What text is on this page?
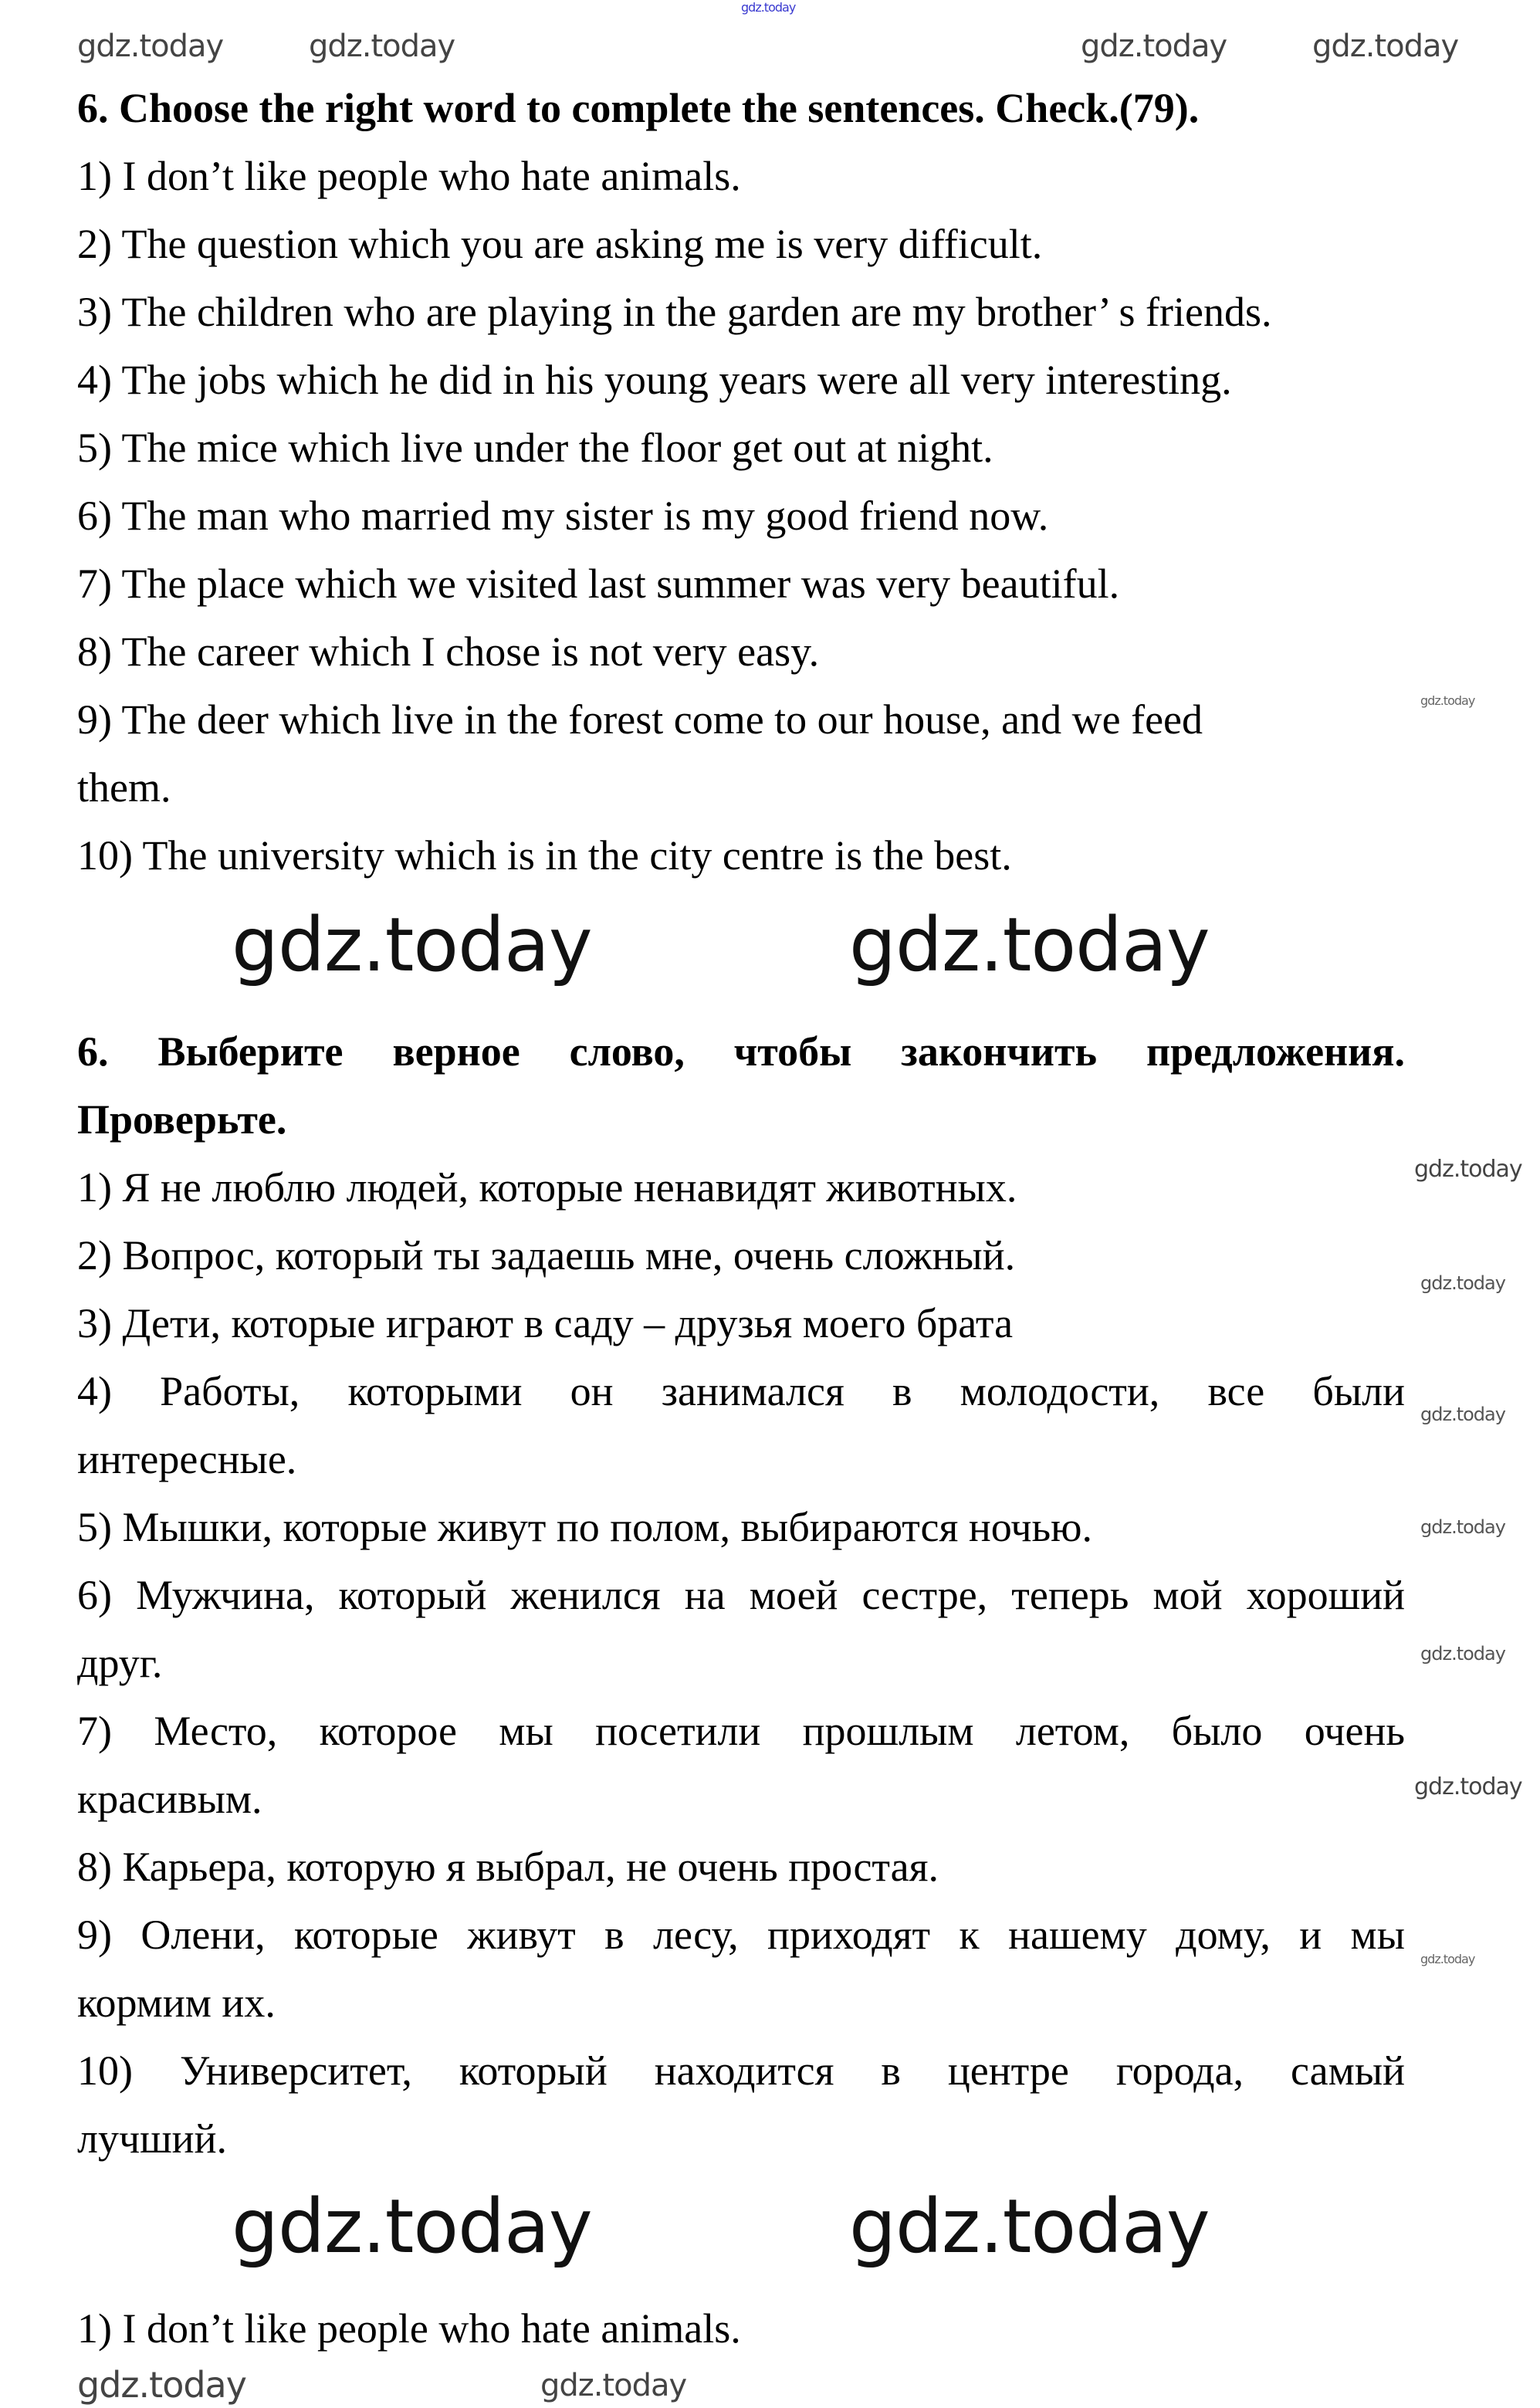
6. Choose the right word to complete the sentences. Check.(79).
1) I don’t like people who hate animals.
2) The question which you are asking me is very difficult.
3) The children who are playing in the garden are my brother’ s friends.
4) The jobs which he did in his young years were all very interesting.
5) The mice which live under the floor get out at night.
6) The man who married my sister is my good friend now.
7) The place which we visited last summer was very beautiful.
8) The career which I chose is not very easy.
9) The deer which live in the forest come to our house, and we feed
them.
10) The university which is in the city centre is the best.
6. Выберите верное слово, чтобы закончить предложения.
Проверьте.
1) Я не люблю людей, которые ненавидят животных.
2) Вопрос, который ты задаешь мне, очень сложный.
3) Дети, которые играют в саду – друзья моего брата
4) Работы, которыми он занимался в молодости, все были
интересные.
5) Мышки, которые живут по полом, выбираются ночью.
6) Мужчина, который женился на моей сестре, теперь мой хороший
друг.
7) Место, которое мы посетили прошлым летом, было очень
красивым.
8) Карьера, которую я выбрал, не очень простая.
9) Олени, которые живут в лесу, приходят к нашему дому, и мы
кормим их.
10) Университет, который находится в центре города, самый
лучший.
1) I don’t like people who hate animals.
gdz.today
gdz.today	gdz.today	gdz.today	gdz.today
gdz.today	gdz.today
gdz.today
gdz.today
gdz.today
gdz.today
gdz.today
gdz.today
gdz.today
gdz.today
gdz.today	gdz.today
gdz.today	gdz.today
